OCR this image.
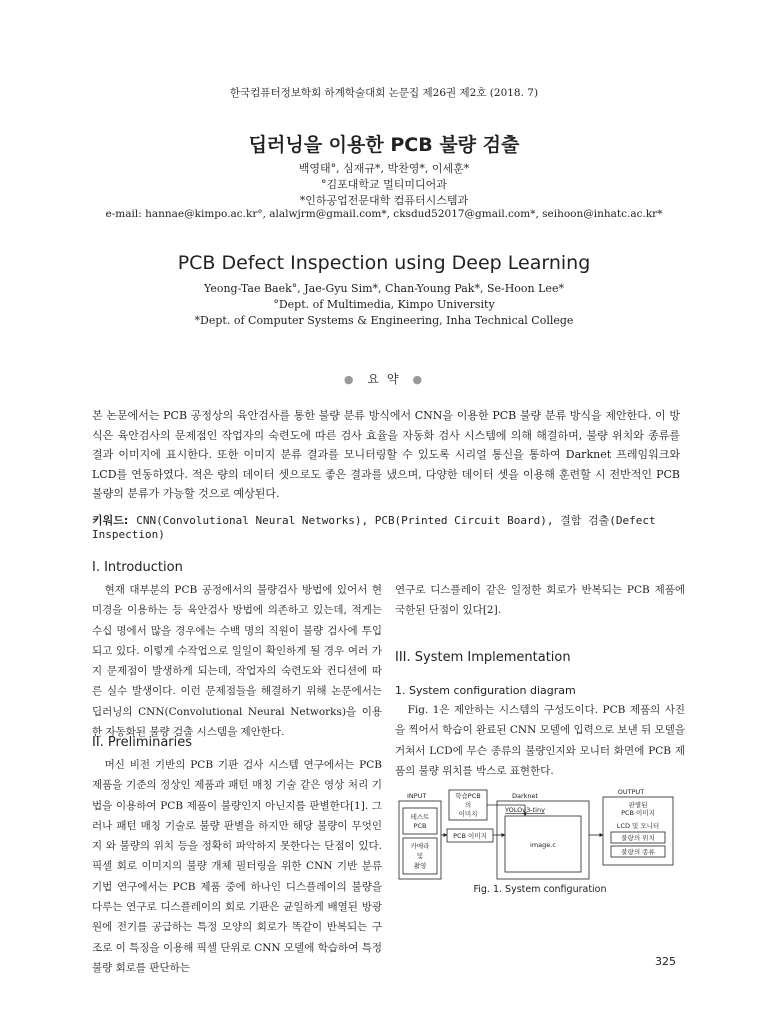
한국컴퓨터정보학회 하계학술대회 논문집 제26권 제2호 (2018. 7)
딥러닝을 이용한 PCB 불량 검출
백영태°, 심재규*, 박찬영*, 이세훈*
°김포대학교 멀티미디어과
*인하공업전문대학 컴퓨터시스템과
e-mail: hannae@kimpo.ac.kr°, alalwjrm@gmail.com*, cksdud52017@gmail.com*, seihoon@inhatc.ac.kr*
PCB Defect Inspection using Deep Learning
Yeong-Tae Baek°, Jae-Gyu Sim*, Chan-Young Pak*, Se-Hoon Lee*
°Dept. of Multimedia, Kimpo University
*Dept. of Computer Systems & Engineering, Inha Technical College
● 요 약 ●
본 논문에서는 PCB 공정상의 육안검사를 통한 불량 분류 방식에서 CNN을 이용한 PCB 불량 분류 방식을 제안한다. 이 방식은 육안검사의 문제점인 작업자의 숙련도에 따른 검사 효율을 자동화 검사 시스템에 의해 해결하며, 불량 위치와 종류를 결과 이미지에 표시한다. 또한 이미지 분류 결과를 모니터링할 수 있도록 시리얼 통신을 통하여 Darknet 프레임워크와 LCD를 연동하였다. 적은 량의 데이터 셋으로도 좋은 결과를 냈으며, 다양한 데이터 셋을 이용해 훈련할 시 전반적인 PCB 불량의 분류가 가능할 것으로 예상된다.
키워드: CNN(Convolutional Neural Networks), PCB(Printed Circuit Board), 결함 검출(Defect Inspection)
I. Introduction
현재 대부분의 PCB 공정에서의 불량검사 방법에 있어서 현미경을 이용하는 등 육안검사 방법에 의존하고 있는데, 적게는 수십 명에서 많을 경우에는 수백 명의 직원이 불량 검사에 투입되고 있다. 이렇게 수작업으로 일일이 확인하게 될 경우 여러 가지 문제점이 발생하게 되는데, 작업자의 숙련도와 컨디션에 따른 실수 발생이다. 이런 문제점들을 해결하기 위해 논문에서는 딥러닝의 CNN(Convolutional Neural Networks)을 이용한 자동화된 불량 검출 시스템을 제안한다.
II. Preliminaries
머신 비전 기반의 PCB 기판 검사 시스템 연구에서는 PCB 제품을 기준의 정상인 제품과 패턴 매칭 기술 같은 영상 처리 기법을 이용하여 PCB 제품이 불량인지 아닌지를 판별한다[1]. 그러나 패턴 매칭 기술로 불량 판별을 하지만 해당 불량이 무엇인지 와 불량의 위치 등을 정확히 파악하지 못한다는 단점이 있다. 픽셀 회로 이미지의 불량 개체 필터링을 위한 CNN 기반 분류 기법 연구에서는 PCB 제품 중에 하나인 디스플레이의 불량을 다루는 연구로 디스플레이의 회로 기판은 균일하게 배열된 방광원에 전기를 공급하는 특정 모양의 회로가 똑같이 반복되는 구조로 이 특징을 이용해 픽셀 단위로 CNN 모델에 학습하여 특정 불량 회로를 판단하는
연구로 디스플레이 같은 일정한 회로가 반복되는 PCB 제품에 국한된 단점이 있다[2].
III. System Implementation
1. System configuration diagram
Fig. 1은 제안하는 시스템의 구성도이다. PCB 제품의 사진을 찍어서 학습이 완료된 CNN 모델에 입력으로 보낸 뒤 모델을 거쳐서 LCD에 무슨 종류의 불량인지와 모니터 화면에 PCB 제품의 불량 위치를 박스로 표현한다.
INPUT
테스트
PCB
카메라
및
촬영
학습PCB
의
이미지
PCB 이미지
Darknet
YOLOv3-tiny
image.c
OUTPUT
판별된
PCB 이미지
LCD 및 모니터
불량의 위치
불량의 종류
Fig. 1. System configuration
325
